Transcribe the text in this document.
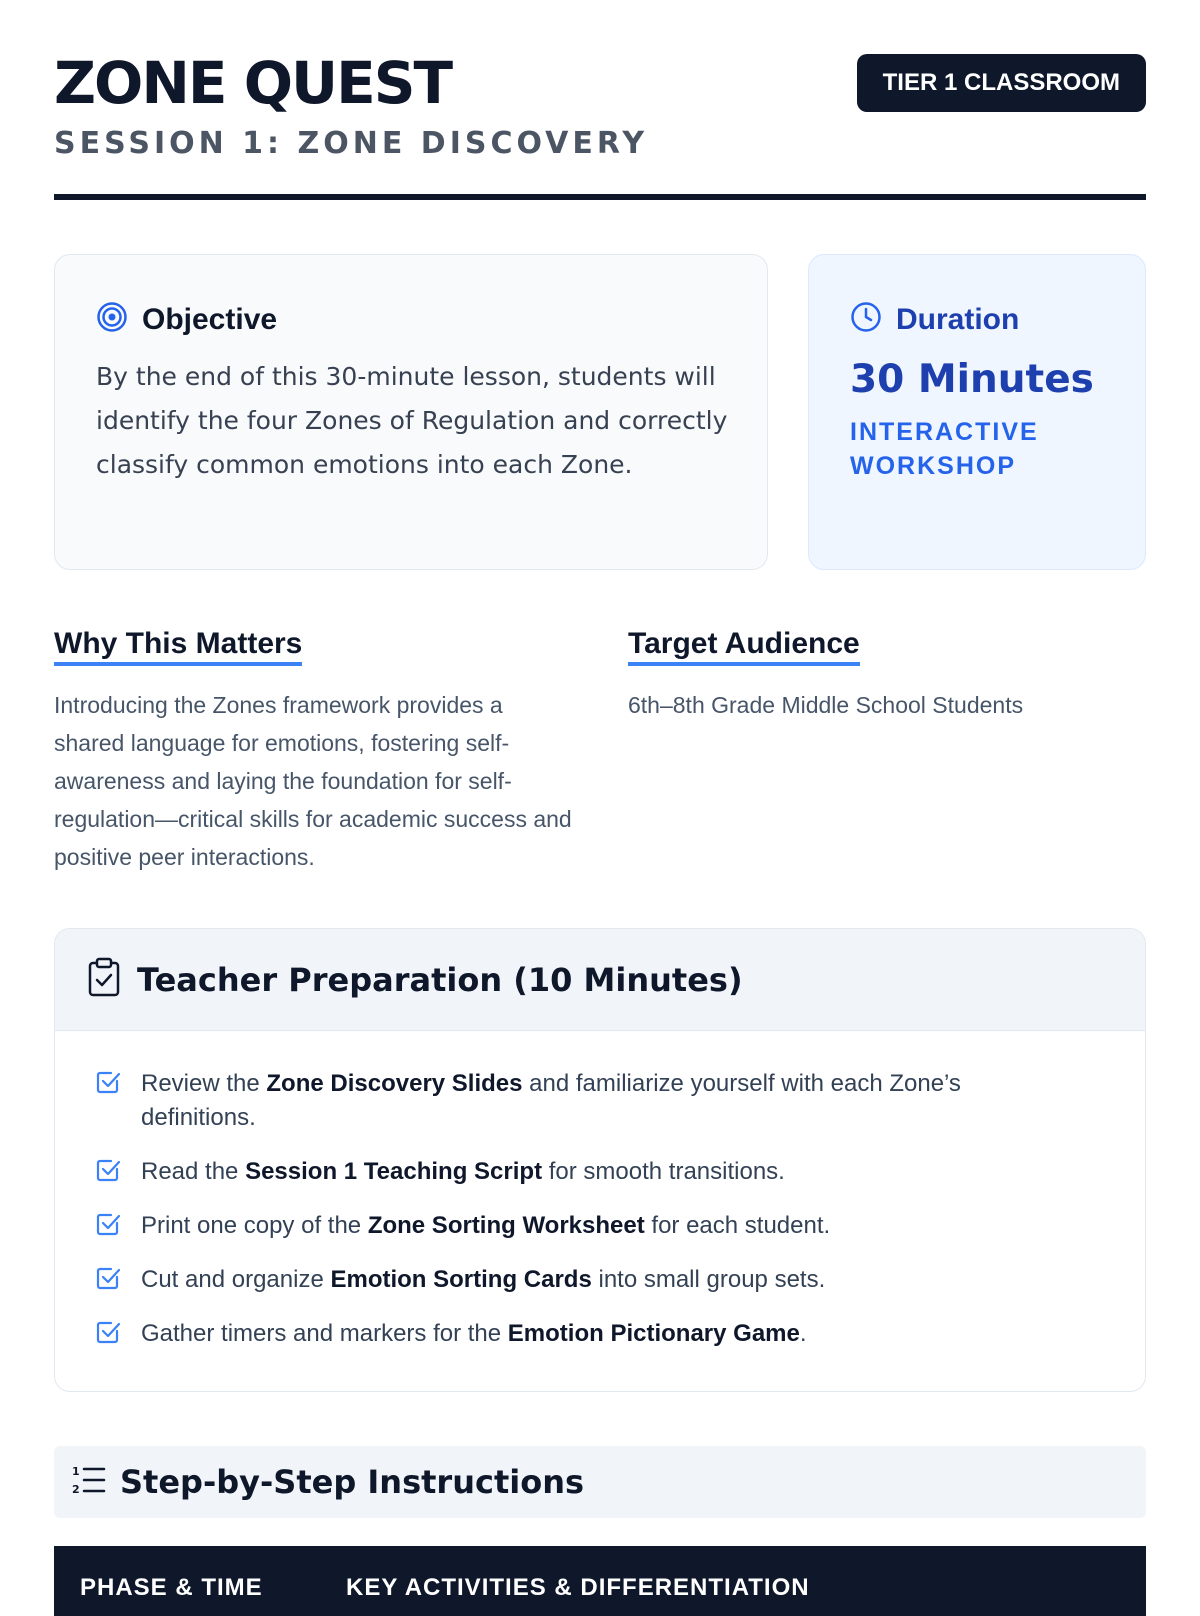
ZONE QUEST
SESSION 1: ZONE DISCOVERY
TIER 1 CLASSROOM
Objective
By the end of this 30-minute lesson, students will identify the four Zones of Regulation and correctly classify common emotions into each Zone.
Duration
30 Minutes
INTERACTIVE WORKSHOP
Why This Matters
Introducing the Zones framework provides a shared language for emotions, fostering self-awareness and laying the foundation for self-regulation—critical skills for academic success and positive peer interactions.
Target Audience
6th–8th Grade Middle School Students
Teacher Preparation (10 Minutes)
Review the Zone Discovery Slides and familiarize yourself with each Zone’s definitions.
Read the Session 1 Teaching Script for smooth transitions.
Print one copy of the Zone Sorting Worksheet for each student.
Cut and organize Emotion Sorting Cards into small group sets.
Gather timers and markers for the Emotion Pictionary Game.
1
2 Step-by-Step Instructions
PHASE & TIME	KEY ACTIVITIES & DIFFERENTIATION
